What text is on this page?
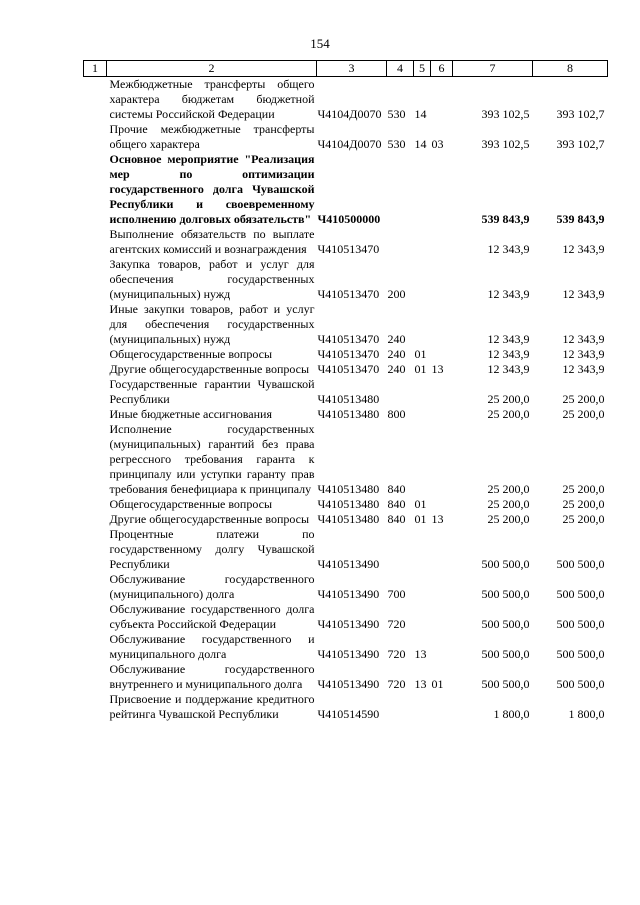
154
1	2	3	4	5	6	7	8
	Межбюджетные трансферты общего характера бюджетам бюджетной системы Российской Федерации	Ч4104Д0070	530	14		393 102,5	393 102,7
	Прочие межбюджетные трансферты общего характера	Ч4104Д0070	530	14	03	393 102,5	393 102,7
	Основное мероприятие "Реализация мер по оптимизации государственного долга Чувашской Республики и своевременному исполнению долговых обязательств"	Ч410500000				539 843,9	539 843,9
	Выполнение обязательств по выплате агентских комиссий и вознаграждения	Ч410513470				12 343,9	12 343,9
	Закупка товаров, работ и услуг для обеспечения государственных (муниципальных) нужд	Ч410513470	200			12 343,9	12 343,9
	Иные закупки товаров, работ и услуг для обеспечения государственных (муниципальных) нужд	Ч410513470	240			12 343,9	12 343,9
	Общегосударственные вопросы	Ч410513470	240	01		12 343,9	12 343,9
	Другие общегосударственные вопросы	Ч410513470	240	01	13	12 343,9	12 343,9
	Государственные гарантии Чувашской Республики	Ч410513480				25 200,0	25 200,0
	Иные бюджетные ассигнования	Ч410513480	800			25 200,0	25 200,0
	Исполнение государственных (муниципальных) гарантий без права регрессного требования гаранта к принципалу или уступки гаранту прав требования бенефициара к принципалу	Ч410513480	840			25 200,0	25 200,0
	Общегосударственные вопросы	Ч410513480	840	01		25 200,0	25 200,0
	Другие общегосударственные вопросы	Ч410513480	840	01	13	25 200,0	25 200,0
	Процентные платежи по государственному долгу Чувашской Республики	Ч410513490				500 500,0	500 500,0
	Обслуживание государственного (муниципального) долга	Ч410513490	700			500 500,0	500 500,0
	Обслуживание государственного долга субъекта Российской Федерации	Ч410513490	720			500 500,0	500 500,0
	Обслуживание государственного и муниципального долга	Ч410513490	720	13		500 500,0	500 500,0
	Обслуживание государственного внутреннего и муниципального долга	Ч410513490	720	13	01	500 500,0	500 500,0
	Присвоение и поддержание кредитного рейтинга Чувашской Республики	Ч410514590				1 800,0	1 800,0
